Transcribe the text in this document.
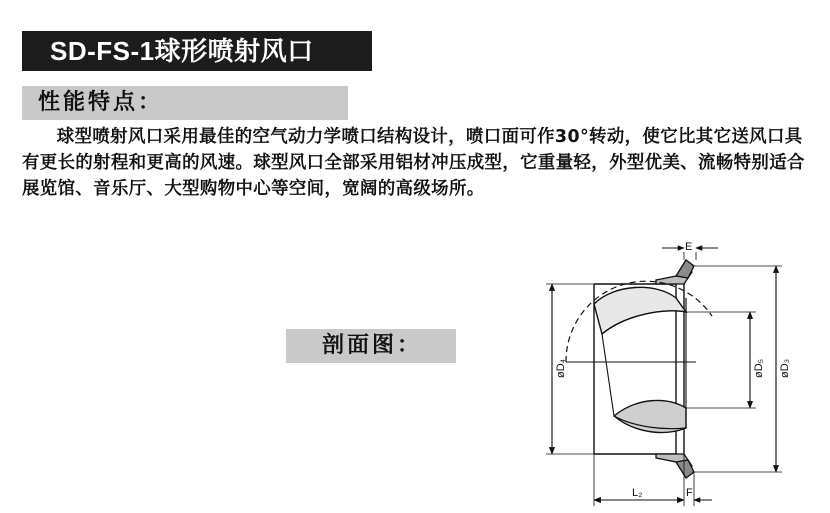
SD-FS-1球形喷射风口
性能特点：

球型喷射风口采用最佳的空气动力学喷口结构设计，喷口面可作30°转动，使它比其它送风口具有更长的射程和更高的风速。球型风口全部采用铝材冲压成型，它重量轻，外型优美、流畅特别适合展览馆、音乐厅、大型购物中心等空间，宽阔的高级场所。

剖面图：
øD₄	øD₅ øD₃
E
L₂	F
